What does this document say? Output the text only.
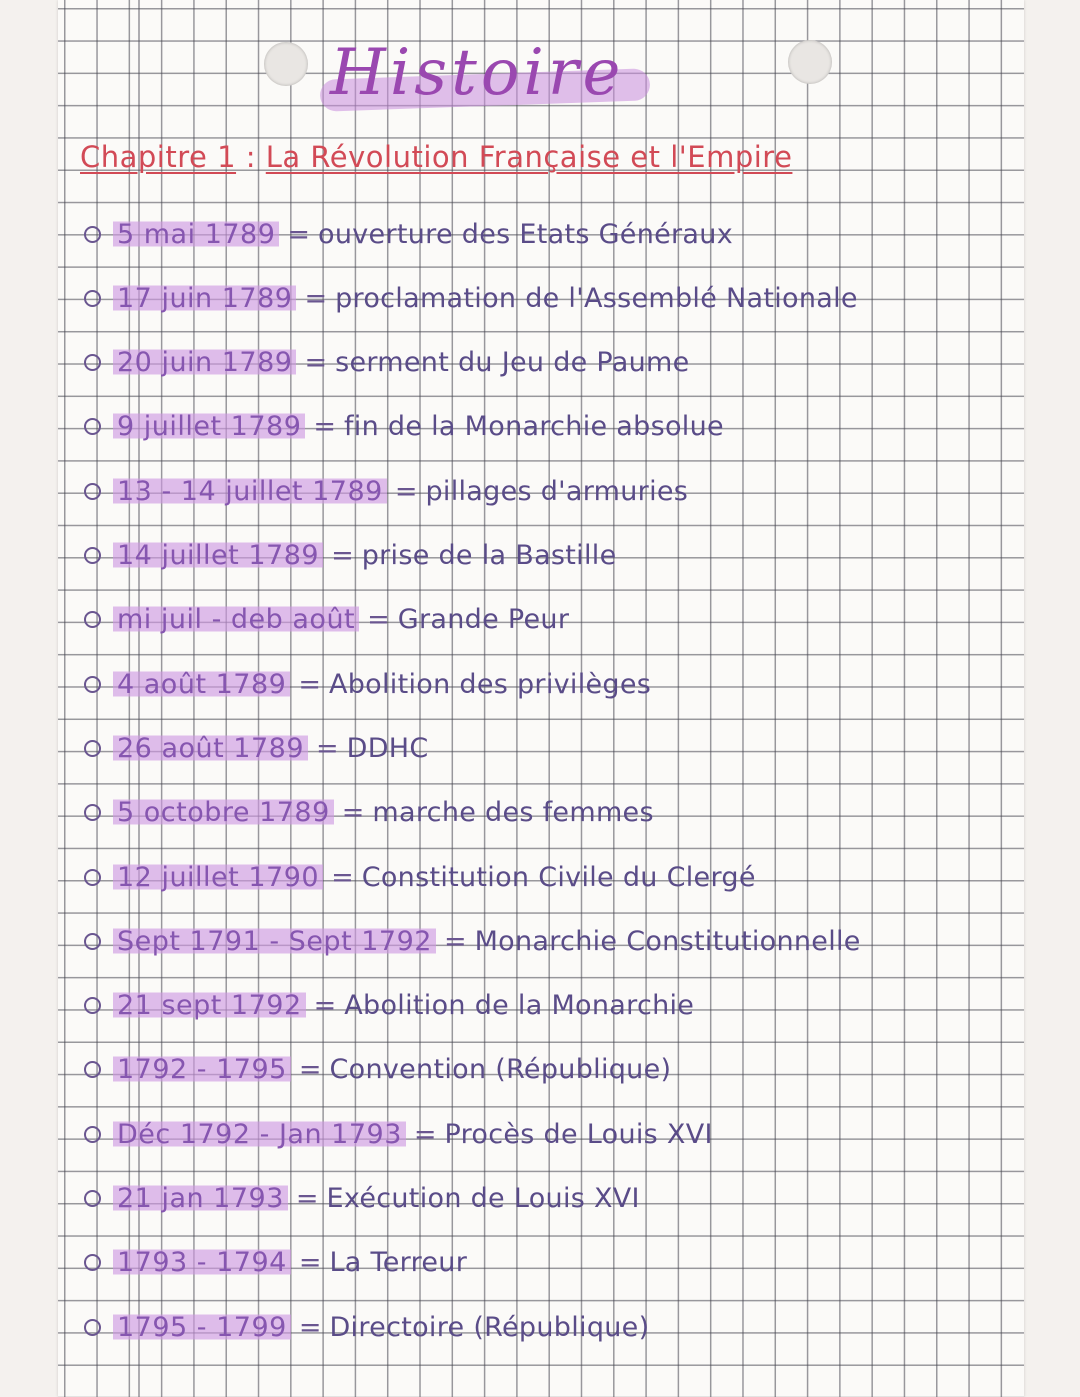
Histoire
Chapitre 1 : La Révolution Française et l'Empire
5 mai 1789 = ouverture des Etats Généraux
17 juin 1789 = proclamation de l'Assemblé Nationale
20 juin 1789 = serment du Jeu de Paume
9 juillet 1789 = fin de la Monarchie absolue
13 - 14 juillet 1789 = pillages d'armuries
14 juillet 1789 = prise de la Bastille
mi juil - deb août = Grande Peur
4 août 1789 = Abolition des privilèges
26 août 1789 = DDHC
5 octobre 1789 = marche des femmes
12 juillet 1790 = Constitution Civile du Clergé
Sept 1791 - Sept 1792 = Monarchie Constitutionnelle
21 sept 1792 = Abolition de la Monarchie
1792 - 1795 = Convention (République)
Déc 1792 - Jan 1793 = Procès de Louis XVI
21 jan 1793 = Exécution de Louis XVI
1793 - 1794 = La Terreur
1795 - 1799 = Directoire (République)
